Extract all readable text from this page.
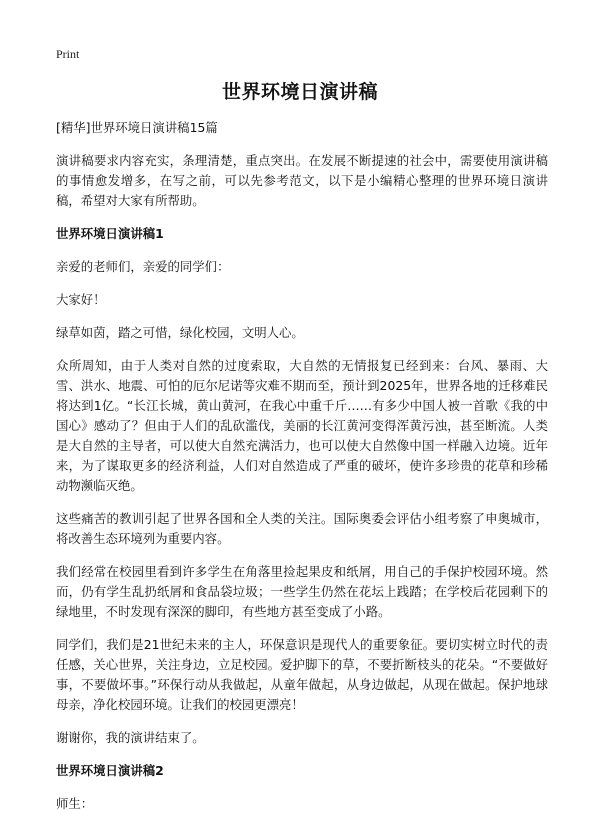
Print
世界环境日演讲稿

[精华]世界环境日演讲稿15篇

演讲稿要求内容充实，条理清楚，重点突出。在发展不断提速的社会中，需要使用演讲稿的事情愈发增多，在写之前，可以先参考范文，以下是小编精心整理的世界环境日演讲稿，希望对大家有所帮助。

世界环境日演讲稿1

亲爱的老师们，亲爱的同学们：

大家好！

绿草如茵，踏之可惜，绿化校园，文明人心。

众所周知，由于人类对自然的过度索取，大自然的无情报复已经到来：台风、暴雨、大雪、洪水、地震、可怕的厄尔尼诺等灾难不期而至，预计到2025年，世界各地的迁移难民将达到1亿。“长江长城，黄山黄河，在我心中重千斤……有多少中国人被一首歌《我的中国心》感动了？但由于人们的乱砍滥伐，美丽的长江黄河变得浑黄污浊，甚至断流。人类是大自然的主导者，可以使大自然充满活力，也可以使大自然像中国一样融入边境。近年来，为了谋取更多的经济利益，人们对自然造成了严重的破坏，使许多珍贵的花草和珍稀动物濒临灭绝。

这些痛苦的教训引起了世界各国和全人类的关注。国际奥委会评估小组考察了申奥城市，将改善生态环境列为重要内容。

我们经常在校园里看到许多学生在角落里捡起果皮和纸屑，用自己的手保护校园环境。然而，仍有学生乱扔纸屑和食品袋垃圾；一些学生仍然在花坛上践踏；在学校后花园剩下的绿地里，不时发现有深深的脚印，有些地方甚至变成了小路。

同学们，我们是21世纪未来的主人，环保意识是现代人的重要象征。要切实树立时代的责任感，关心世界，关注身边，立足校园。爱护脚下的草，不要折断枝头的花朵。“不要做好事，不要做坏事。”环保行动从我做起，从童年做起，从身边做起，从现在做起。保护地球母亲，净化校园环境。让我们的校园更漂亮！

谢谢你，我的演讲结束了。

世界环境日演讲稿2

师生：
